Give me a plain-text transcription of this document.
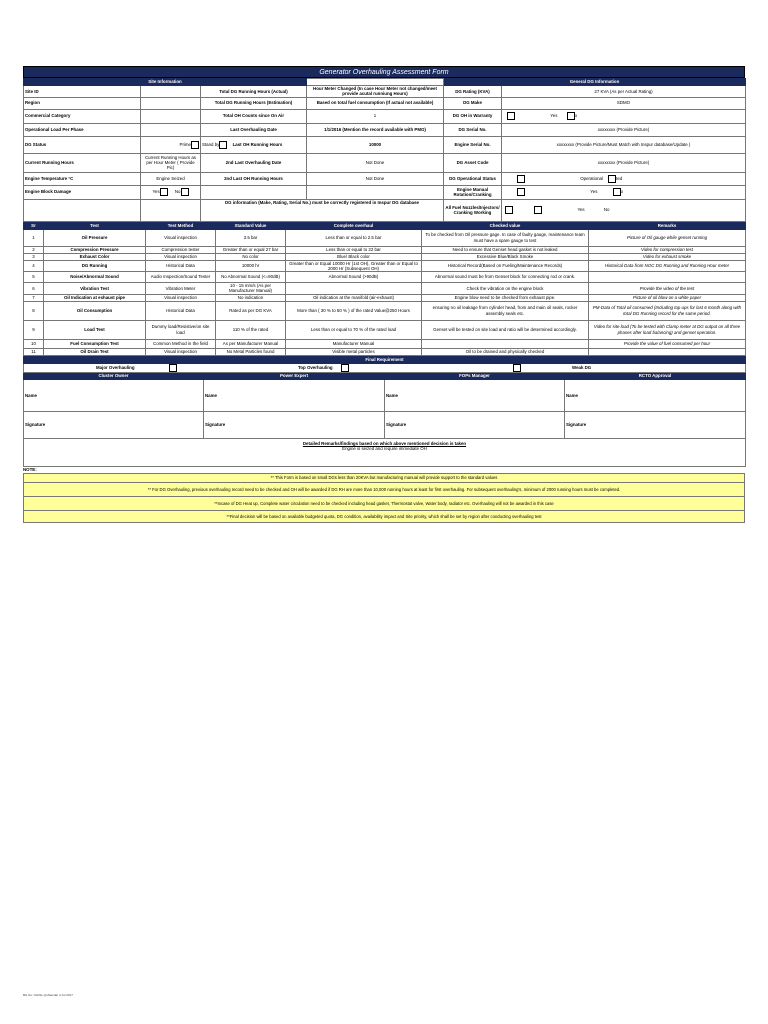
Generator Overhauling Assessment Form
Site Information				General DG Information	
Site ID		Total DG Running Hours (Actual)	Hour Meter Changed (In case Hour Meter not changed/meet provide acutal runniung Hours)	DG Rating (KVA)	27 KVA (As per Actual Rating)
Region		Total DG Running Hours (Estimation)	Based on total fuel consumption (If actual not available)	DG Make	SDMO
Commercial Category		Total OH Counts since On Air	1	DG OH in Warranty	Yes o
Operational Load Per Phase		Last Overhauling Date	1/1/2016 (Mention the record available with PMO)	DG Serial No.	xxxxxxxx (Provide Picture)
DG Status	Prime	Stand by Last OH Running Hours	10000	Engine Serial No.	xxxxxxxx (Provide Picture/Must Match with Inspur database/Update )
Current Running Hours	Current Running Hours as per Hour Meter ( Provide Pic)	2nd Last Overhauling Date	Not Done	DG Asset Code	xxxxxxxx (Provide Picture)
Engine Temperature °C	Engine Seized	2nd Last OH Running Hours	Not Done	DG Operational Status	Operational ted
Engine Block Damage	Yes No			Engine Manual Rotation/Cranking	Yes o
		DG information (Make, Rating, Serial No.) must be correctly registered in Inspur DG database		All Fuel Nozzles/Injectors/ Cranking Working	Yes No
Sr	Test	Test Method	Standard Value	Complete overhaul	Checked value	Remarks
1	Oil Pressure	Visual inspection	3.5 bar	Less than or equal to 2.5 bar	To be checked from Oil pressure gage. In case of faulty gauge, maintenance team must have a spare gauge to test	Picture of Oil gauge while genset running
2	Compression Pressure	Compression tester	Greater than or equal 27 bar	Less than or equal to 22 bar	Need to ensure that Genset head gasket is not leaked	Video for compression test
3	Exhaust Color	Visual inspection	No color	Blue/ Black color	Excessive Blue/Black Smoke	Video for exhaust smoke
4	DG Running	Historical Data	10000 hr	Greater than or Equal 10000 Hr (1st OH), Greater than or Equal to 2000 Hr (Subsequent OH)	Historical Record(Based on Fueling/Maintenance Records)	Historical Data from NOC DG Running and Running Hour meter
5	Noise/Abnormal Sound	Audio Inspection/Sound Tester	No Abnormal Sound (<=90dB)	Abnormal Sound (>90dB)	Abnormal sound must be from Genset block for connecting rod or crank.	
6	Vibration Test	Vibration Meter	10 - 15 mm/s (As per Manufacturer Manual)		Check the vibration on the engine block	Provide the video of the test
7	Oil Indication at exhaust pipe	Visual inspection	No indication	Oil indication at the manifold (air-exhaust)	Engine blow need to be checked from exhaust pipe.	Picture of oil blow on a white paper
8	Oil Consumption	Historical Data	Rated as per DG KVA	More than ( 30 % to 50 % ) of the rated Value@250 Hours	ensuring no oil leakage from cylinder head, from and main oil seals, rocker assembly seals etc.	PM-Data of Total oil consumed (Including top ups for last 6 month along with total DG Running record for the same period.
9	Load Test	Dummy load/Resistive/on site load	110 % of the rated	Less than or equal to 70 % of the rated load	Genset will be tested on site load and ratio will be determined accordingly.	Video for site load (To be tested with Clamp meter at DG output on all three phases after load balancing) and genset operation.
10	Fuel Consumption Test	Common Method in the field	As per Manufacturer Manual	Manufacturer Manual		Provide the value of fuel consumed per hour
11	Oil Drain Test	Visual inspection	No Metal Particles found	Visible metal particles	Oil to be drained and physically checked	
Final Requirement			

Major Overhauling Top Overhauling Weak DG			

Cluster Owner	Power Expert	FOPs Manager	RCTO Approval
Name	Name	Name	Name
Signature	Signature	Signature	Signature

Detailed Remarks/findings based on which above mentioned decision is taken
Engine is seized and require immediate OH			
NOTE:
** This Form is based on small DGs less than 20KVA but manufacturing manual will provide support to the standard values
** For DG Overhauling, previous overhauling record need to be checked and OH will be awarded if DG RH are more than 10,000 running hours at least for first overhauling. For subsequent overhauling's, minimum of 2000 running hours must be completed.
**Incase of DG Heat up, Complete water circulation need to be checked including head gasket, Thermostat valve, Water body, radiator etc. Overhauling will not be awarded in this case
**Final decision will be based on available budgeted quota, DG condition, availability impact and Site priority, which shall be set by region after conducting overhauling test
BG No: OsPde QoStandar d Jul 2017
